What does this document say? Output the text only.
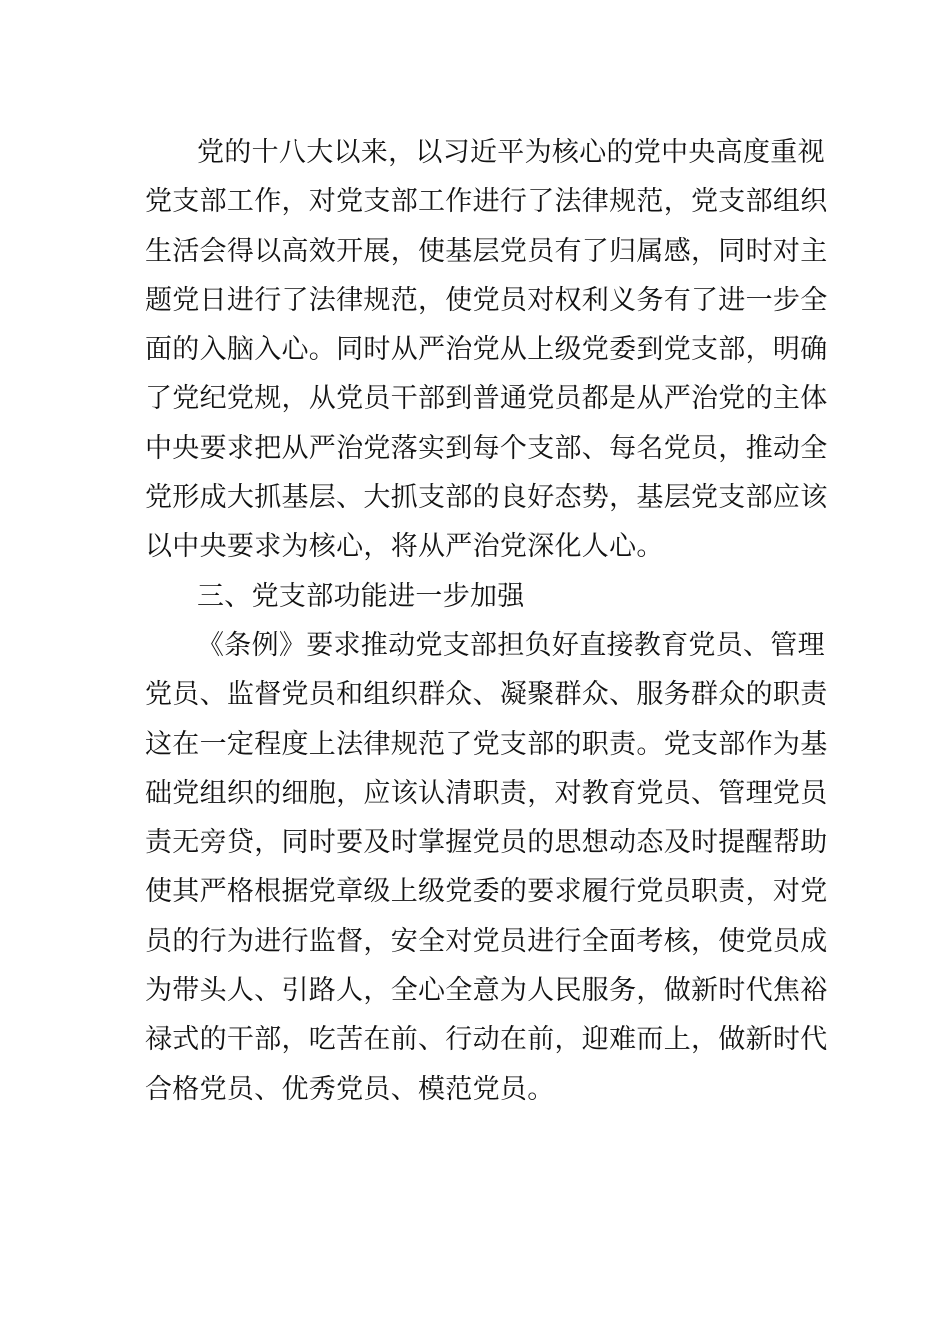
党的十八大以来，以习近平为核心的党中央高度重视
党支部工作，对党支部工作进行了法律规范，党支部组织
生活会得以高效开展，使基层党员有了归属感，同时对主
题党日进行了法律规范，使党员对权利义务有了进一步全
面的入脑入心。同时从严治党从上级党委到党支部，明确
了党纪党规，从党员干部到普通党员都是从严治党的主体
中央要求把从严治党落实到每个支部、每名党员，推动全
党形成大抓基层、大抓支部的良好态势，基层党支部应该
以中央要求为核心，将从严治党深化人心。
三、党支部功能进一步加强
《条例》要求推动党支部担负好直接教育党员、管理
党员、监督党员和组织群众、凝聚群众、服务群众的职责
这在一定程度上法律规范了党支部的职责。党支部作为基
础党组织的细胞，应该认清职责，对教育党员、管理党员
责无旁贷，同时要及时掌握党员的思想动态及时提醒帮助
使其严格根据党章级上级党委的要求履行党员职责，对党
员的行为进行监督，安全对党员进行全面考核，使党员成
为带头人、引路人，全心全意为人民服务，做新时代焦裕
禄式的干部，吃苦在前、行动在前，迎难而上，做新时代
合格党员、优秀党员、模范党员。
